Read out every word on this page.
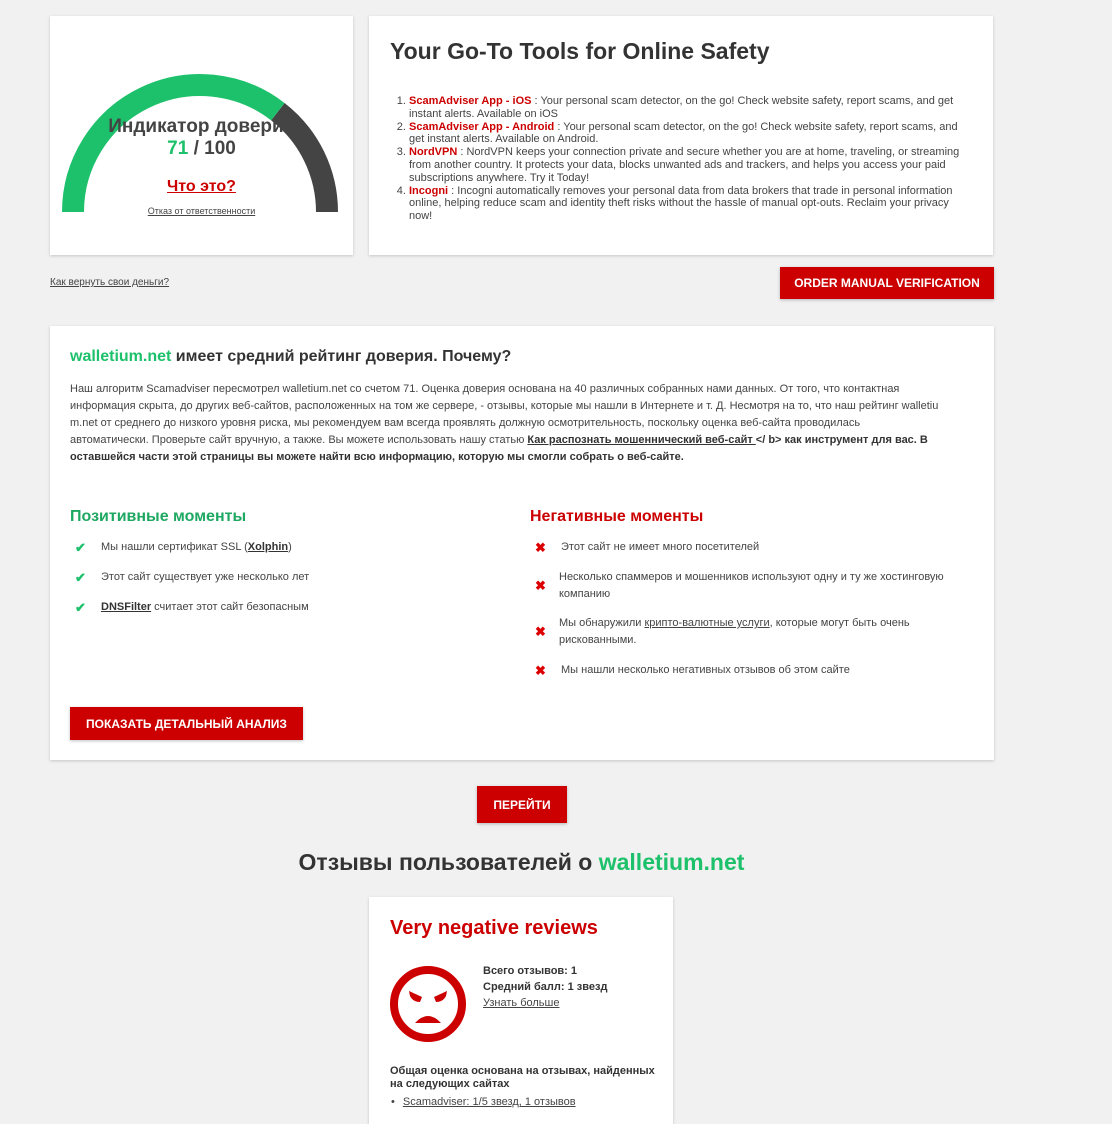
Индикатор доверия
71 / 100
Что это?
Отказ от ответственности
Your Go-To Tools for Online Safety
1. ScamAdviser App - iOS : Your personal scam detector, on the go! Check website safety, report scams, and get instant alerts. Available on iOS
2. ScamAdviser App - Android : Your personal scam detector, on the go! Check website safety, report scams, and get instant alerts. Available on Android.
3. NordVPN : NordVPN keeps your connection private and secure whether you are at home, traveling, or streaming from another country. It protects your data, blocks unwanted ads and trackers, and helps you access your paid subscriptions anywhere. Try it Today!
4. Incogni : Incogni automatically removes your personal data from data brokers that trade in personal information online, helping reduce scam and identity theft risks without the hassle of manual opt-outs. Reclaim your privacy now!
Как вернуть свои деньги?	ORDER MANUAL VERIFICATION
walletium.net имеет средний рейтинг доверия. Почему?
Наш алгоритм Scamadviser пересмотрел walletium.net со счетом 71. Оценка доверия основана на 40 различных собранных нами данных. От того, что контактная информация скрыта, до других веб-сайтов, расположенных на том же сервере, - отзывы, которые мы нашли в Интернете и т. Д. Несмотря на то, что наш рейтинг walletiu m.net от среднего до низкого уровня риска, мы рекомендуем вам всегда проявлять должную осмотрительность, поскольку оценка веб-сайта проводилась автоматически. Проверьте сайт вручную, а также. Вы можете использовать нашу статью Как распознать мошеннический веб-сайт </ b> как инструмент для вас. В оставшейся части этой страницы вы можете найти всю информацию, которую мы смогли собрать о веб-сайте.
Позитивные моменты	Негативные моменты
✔ Мы нашли сертификат SSL (Xolphin)
✔ Этот сайт существует уже несколько лет
✔ DNSFilter считает этот сайт безопасным
✖ Этот сайт не имеет много посетителей
✖
Несколько спаммеров и мошенников используют одну и ту же хостинговую компанию
✖
Мы обнаружили крипто-валютные услуги, которые могут быть очень рискованными.
✖ Мы нашли несколько негативных отзывов об этом сайте
ПОКАЗАТЬ ДЕТАЛЬНЫЙ АНАЛИЗ
ПЕРЕЙТИ
Отзывы пользователей о walletium.net
Very negative reviews
Всего отзывов: 1
Средний балл: 1 звезд
Узнать больше
Общая оценка основана на отзывах, найденных на следующих сайтах
• Scamadviser: 1/5 звезд, 1 отзывов
